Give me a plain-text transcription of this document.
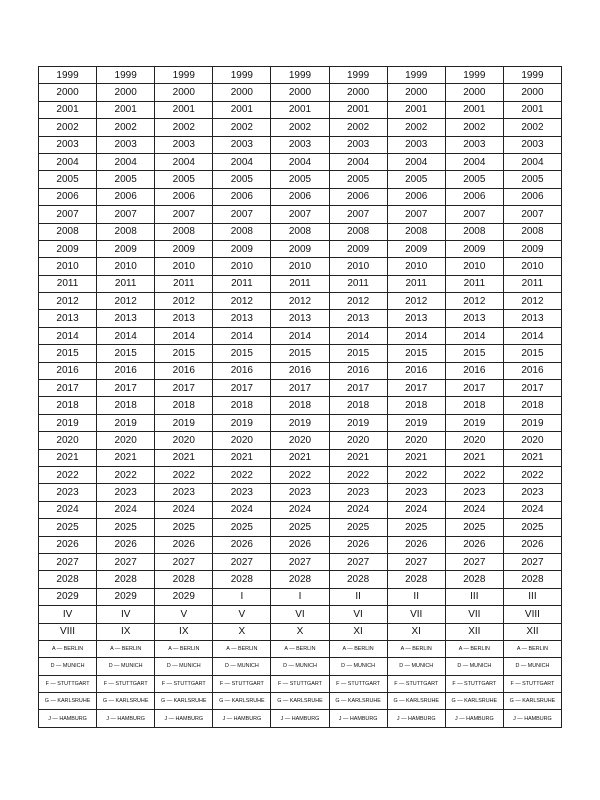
1999	1999	1999	1999	1999	1999	1999	1999	1999
2000	2000	2000	2000	2000	2000	2000	2000	2000
2001	2001	2001	2001	2001	2001	2001	2001	2001
2002	2002	2002	2002	2002	2002	2002	2002	2002
2003	2003	2003	2003	2003	2003	2003	2003	2003
2004	2004	2004	2004	2004	2004	2004	2004	2004
2005	2005	2005	2005	2005	2005	2005	2005	2005
2006	2006	2006	2006	2006	2006	2006	2006	2006
2007	2007	2007	2007	2007	2007	2007	2007	2007
2008	2008	2008	2008	2008	2008	2008	2008	2008
2009	2009	2009	2009	2009	2009	2009	2009	2009
2010	2010	2010	2010	2010	2010	2010	2010	2010
2011	2011	2011	2011	2011	2011	2011	2011	2011
2012	2012	2012	2012	2012	2012	2012	2012	2012
2013	2013	2013	2013	2013	2013	2013	2013	2013
2014	2014	2014	2014	2014	2014	2014	2014	2014
2015	2015	2015	2015	2015	2015	2015	2015	2015
2016	2016	2016	2016	2016	2016	2016	2016	2016
2017	2017	2017	2017	2017	2017	2017	2017	2017
2018	2018	2018	2018	2018	2018	2018	2018	2018
2019	2019	2019	2019	2019	2019	2019	2019	2019
2020	2020	2020	2020	2020	2020	2020	2020	2020
2021	2021	2021	2021	2021	2021	2021	2021	2021
2022	2022	2022	2022	2022	2022	2022	2022	2022
2023	2023	2023	2023	2023	2023	2023	2023	2023
2024	2024	2024	2024	2024	2024	2024	2024	2024
2025	2025	2025	2025	2025	2025	2025	2025	2025
2026	2026	2026	2026	2026	2026	2026	2026	2026
2027	2027	2027	2027	2027	2027	2027	2027	2027
2028	2028	2028	2028	2028	2028	2028	2028	2028
2029	2029	2029	I	I	II	II	III	III
IV	IV	V	V	VI	VI	VII	VII	VIII
VIII	IX	IX	X	X	XI	XI	XII	XII
A — BERLIN	A — BERLIN	A — BERLIN	A — BERLIN	A — BERLIN	A — BERLIN	A — BERLIN	A — BERLIN	A — BERLIN
D — MUNICH	D — MUNICH	D — MUNICH	D — MUNICH	D — MUNICH	D — MUNICH	D — MUNICH	D — MUNICH	D — MUNICH
F — STUTTGART	F — STUTTGART	F — STUTTGART	F — STUTTGART	F — STUTTGART	F — STUTTGART	F — STUTTGART	F — STUTTGART	F — STUTTGART
G — KARLSRUHE	G — KARLSRUHE	G — KARLSRUHE	G — KARLSRUHE	G — KARLSRUHE	G — KARLSRUHE	G — KARLSRUHE	G — KARLSRUHE	G — KARLSRUHE
J — HAMBURG	J — HAMBURG	J — HAMBURG	J — HAMBURG	J — HAMBURG	J — HAMBURG	J — HAMBURG	J — HAMBURG	J — HAMBURG
